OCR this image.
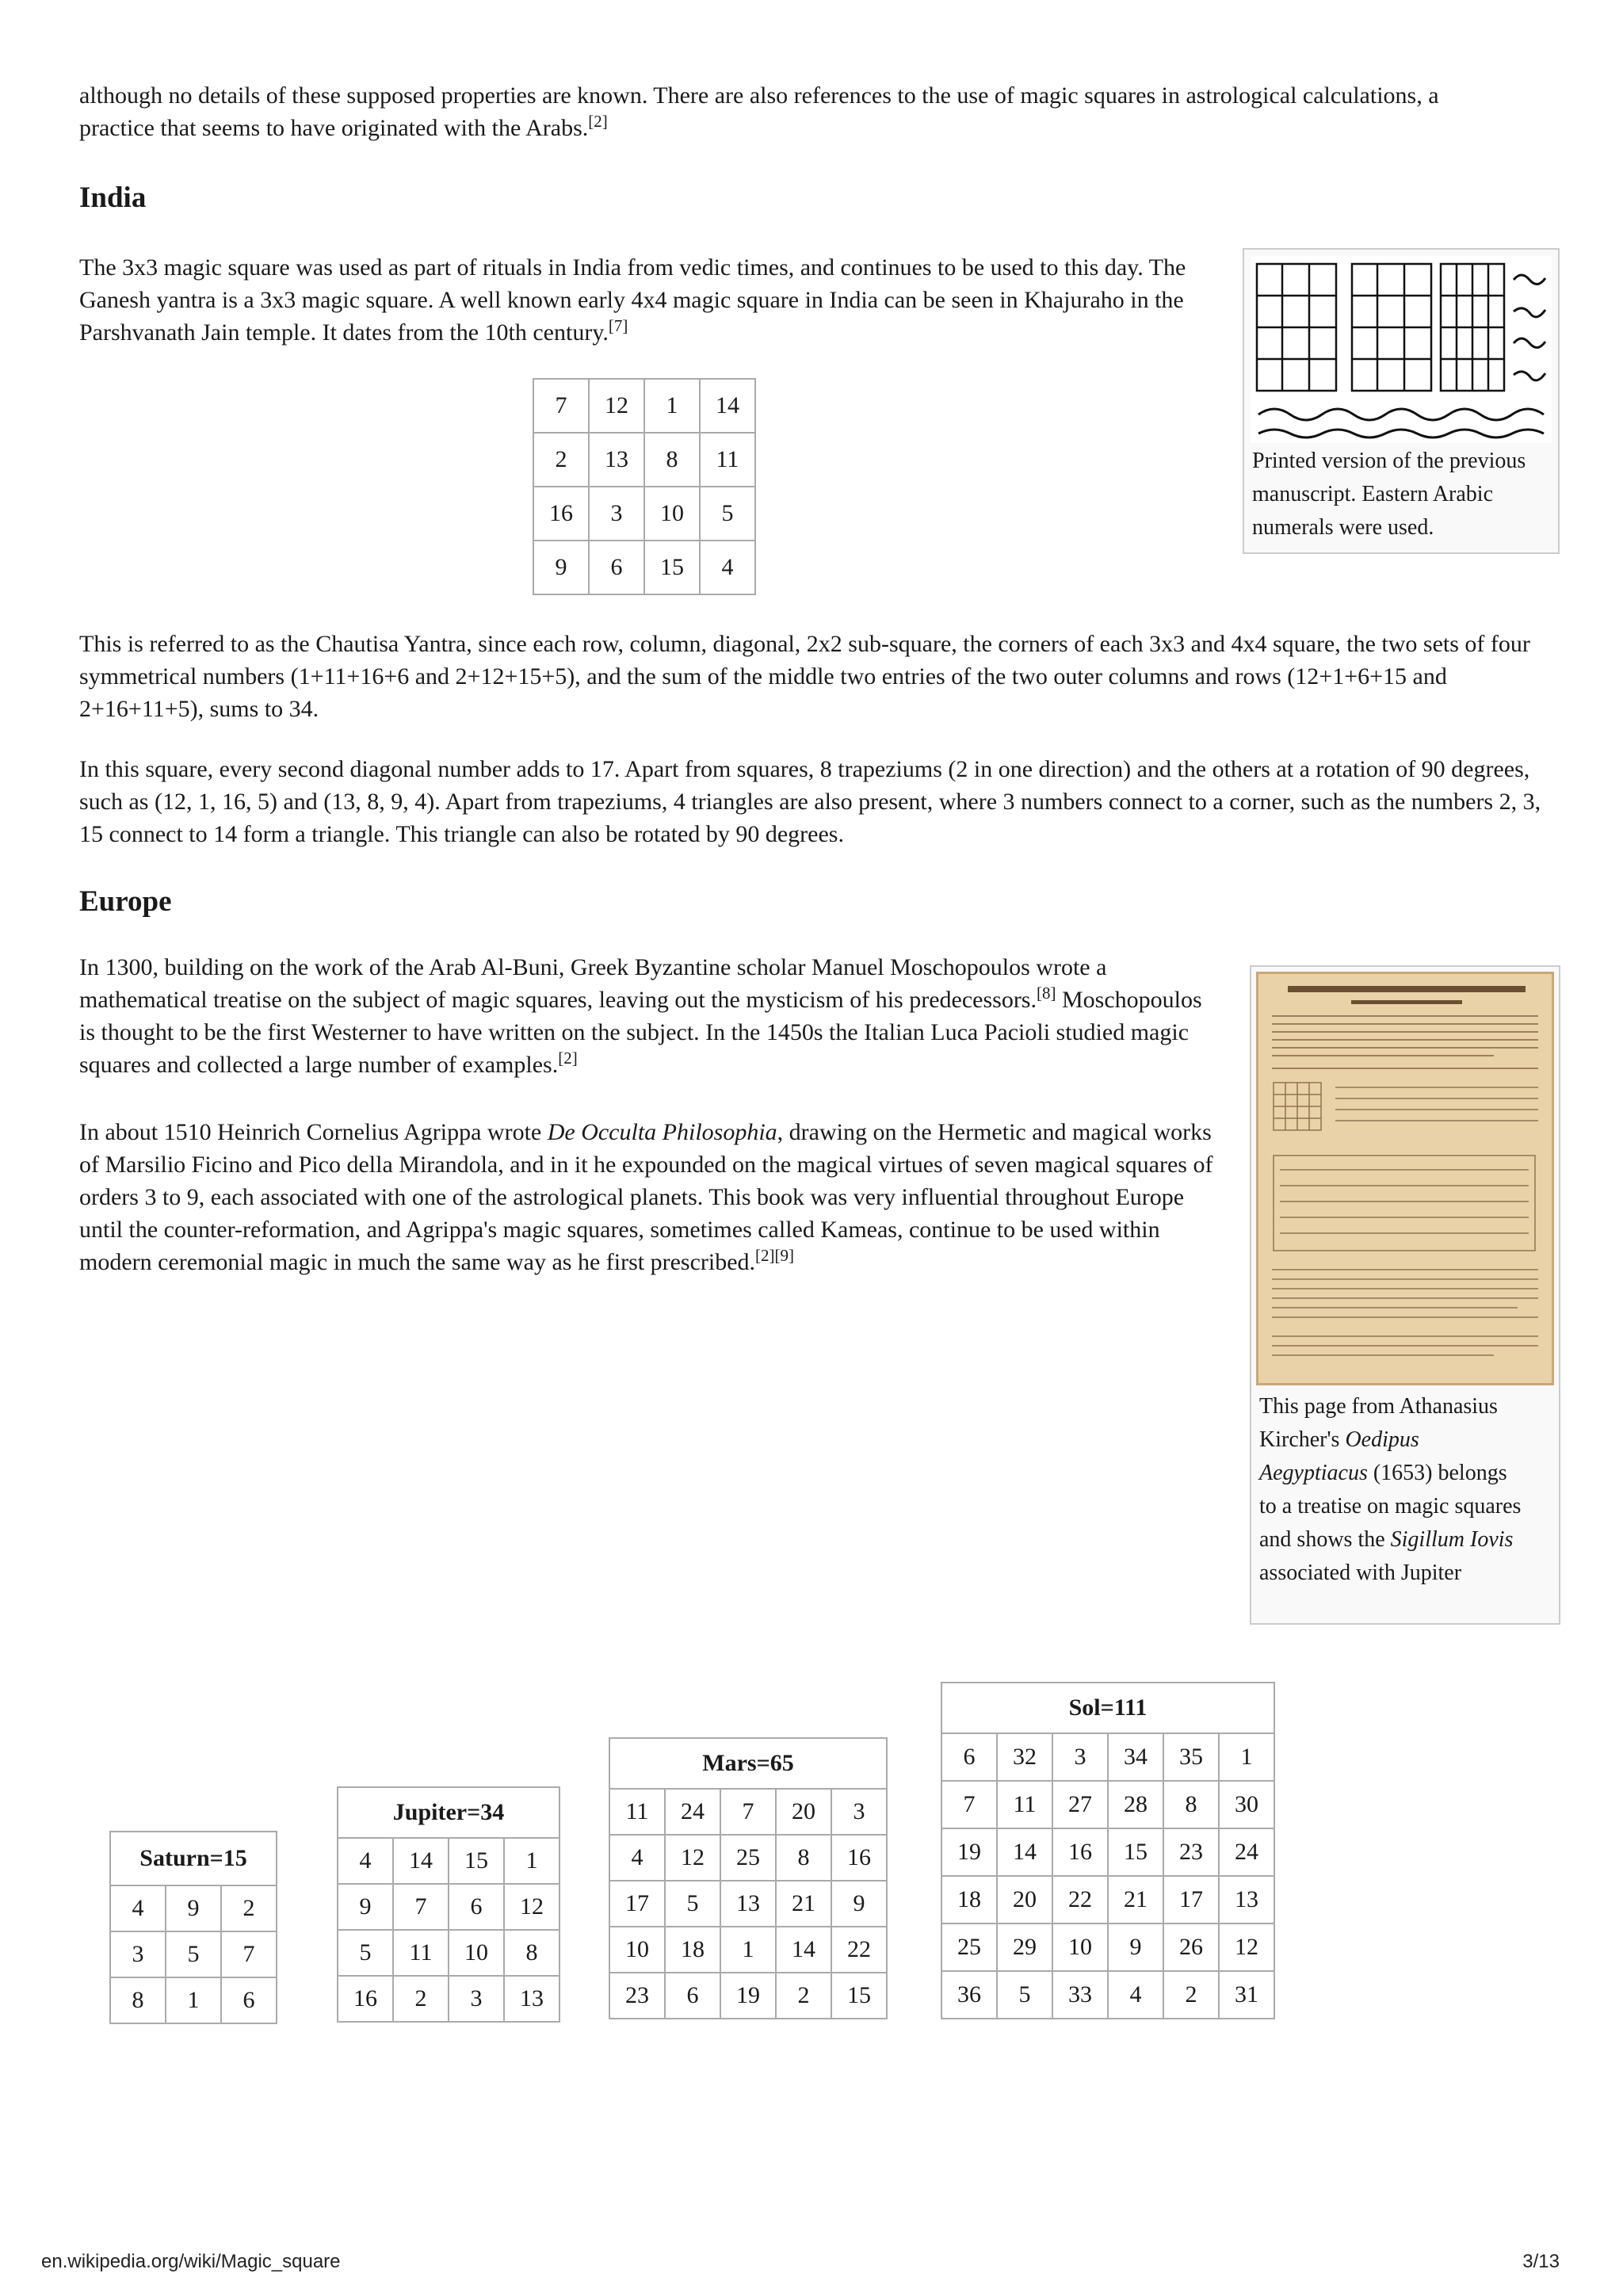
although no details of these supposed properties are known. There are also references to the use of magic squares in astrological calculations, a practice that seems to have originated with the Arabs.[2]

India

The 3x3 magic square was used as part of rituals in India from vedic times, and continues to be used to this day. The Ganesh yantra is a 3x3 magic square. A well known early 4x4 magic square in India can be seen in Khajuraho in the Parshvanath Jain temple. It dates from the 10th century.[7]

7	12	1	14
2	13	8	11
16	3	10	5
9	6	15	4
Printed version of the previous manuscript. Eastern Arabic numerals were used.

This is referred to as the Chautisa Yantra, since each row, column, diagonal, 2x2 sub-square, the corners of each 3x3 and 4x4 square, the two sets of four symmetrical numbers (1+11+16+6 and 2+12+15+5), and the sum of the middle two entries of the two outer columns and rows (12+1+6+15 and 2+16+11+5), sums to 34.

In this square, every second diagonal number adds to 17. Apart from squares, 8 trapeziums (2 in one direction) and the others at a rotation of 90 degrees, such as (12, 1, 16, 5) and (13, 8, 9, 4). Apart from trapeziums, 4 triangles are also present, where 3 numbers connect to a corner, such as the numbers 2, 3, 15 connect to 14 form a triangle. This triangle can also be rotated by 90 degrees.

Europe

In 1300, building on the work of the Arab Al-Buni, Greek Byzantine scholar Manuel Moschopoulos wrote a mathematical treatise on the subject of magic squares, leaving out the mysticism of his predecessors.[8] Moschopoulos is thought to be the first Westerner to have written on the subject. In the 1450s the Italian Luca Pacioli studied magic squares and collected a large number of examples.[2]

In about 1510 Heinrich Cornelius Agrippa wrote De Occulta Philosophia, drawing on the Hermetic and magical works of Marsilio Ficino and Pico della Mirandola, and in it he expounded on the magical virtues of seven magical squares of orders 3 to 9, each associated with one of the astrological planets. This book was very influential throughout Europe until the counter-reformation, and Agrippa's magic squares, sometimes called Kameas, continue to be used within modern ceremonial magic in much the same way as he first prescribed.[2][9]

This page from Athanasius Kircher's Oedipus Aegyptiacus (1653) belongs to a treatise on magic squares and shows the Sigillum Iovis associated with Jupiter
Saturn=15		
4	9	2
3	5	7
8	1	6
Jupiter=34			
4	14	15	1
9	7	6	12
5	11	10	8
16	2	3	13
Mars=65				
11	24	7	20	3
4	12	25	8	16
17	5	13	21	9
10	18	1	14	22
23	6	19	2	15
Sol=111					
6	32	3	34	35	1
7	11	27	28	8	30
19	14	16	15	23	24
18	20	22	21	17	13
25	29	10	9	26	12
36	5	33	4	2	31
en.wikipedia.org/wiki/Magic_square	3/13
